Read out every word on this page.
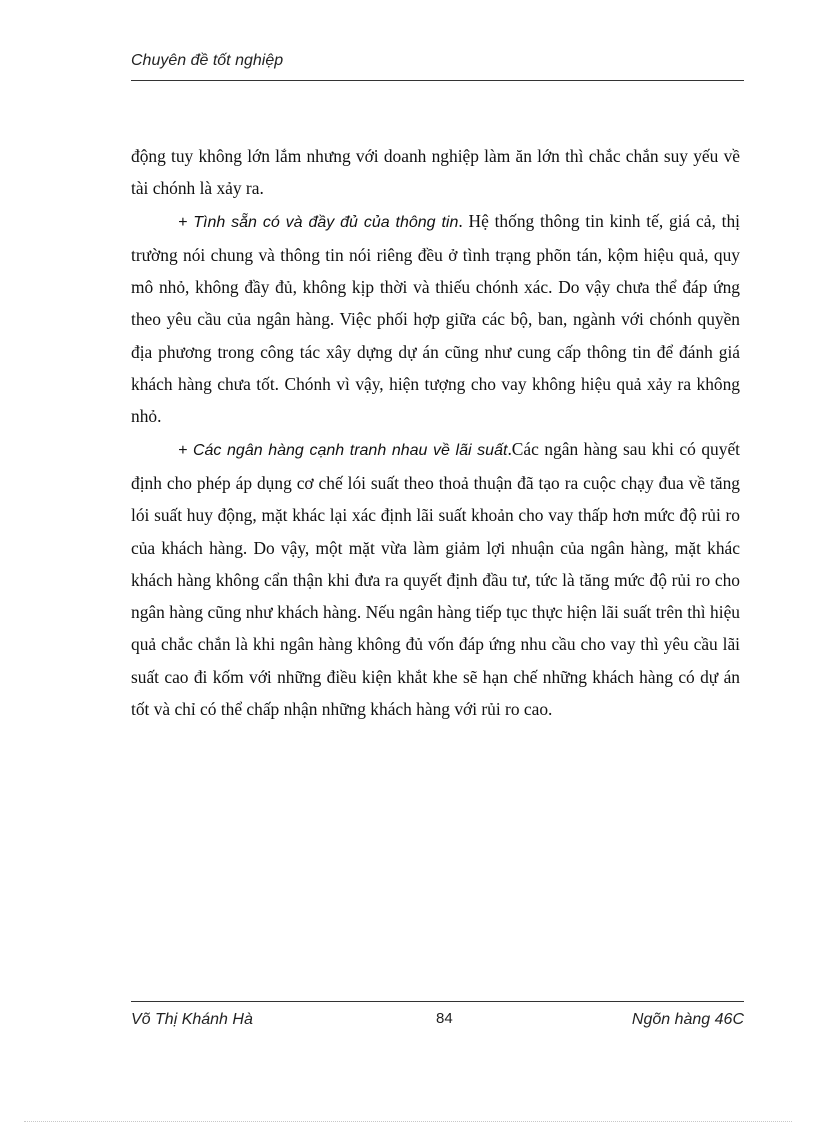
Chuyên đề tốt nghiệp

động tuy không lớn lắm nhưng với doanh nghiệp làm ăn lớn thì chắc chắn suy yếu về tài chónh là xảy ra.

+ Tình sẵn có và đầy đủ của thông tin. Hệ thống thông tin kinh tế, giá cả, thị trường nói chung và thông tin nói riêng đều ở tình trạng phõn tán, kộm hiệu quả, quy mô nhỏ, không đầy đủ, không kịp thời và thiếu chónh xác. Do vậy chưa thể đáp ứng theo yêu cầu của ngân hàng. Việc phối hợp giữa các bộ, ban, ngành với chónh quyền địa phương trong công tác xây dựng dự án cũng như cung cấp thông tin để đánh giá khách hàng chưa tốt. Chónh vì vậy, hiện tượng cho vay không hiệu quả xảy ra không nhỏ.

+ Các ngân hàng cạnh tranh nhau về lãi suất.Các ngân hàng sau khi có quyết định cho phép áp dụng cơ chế lói suất theo thoả thuận đã tạo ra cuộc chạy đua về tăng lói suất huy động, mặt khác lại xác định lãi suất khoản cho vay thấp hơn mức độ rủi ro của khách hàng. Do vậy, một mặt vừa làm giảm lợi nhuận của ngân hàng, mặt khác khách hàng không cẩn thận khi đưa ra quyết định đầu tư, tức là tăng mức độ rủi ro cho ngân hàng cũng như khách hàng. Nếu ngân hàng tiếp tục thực hiện lãi suất trên thì hiệu quả chắc chắn là khi ngân hàng không đủ vốn đáp ứng nhu cầu cho vay thì yêu cầu lãi suất cao đi kốm với những điều kiện khắt khe sẽ hạn chế những khách hàng có dự án tốt và chỉ có thể chấp nhận những khách hàng với rủi ro cao.

Võ Thị Khánh Hà	84	Ngõn hàng 46C
